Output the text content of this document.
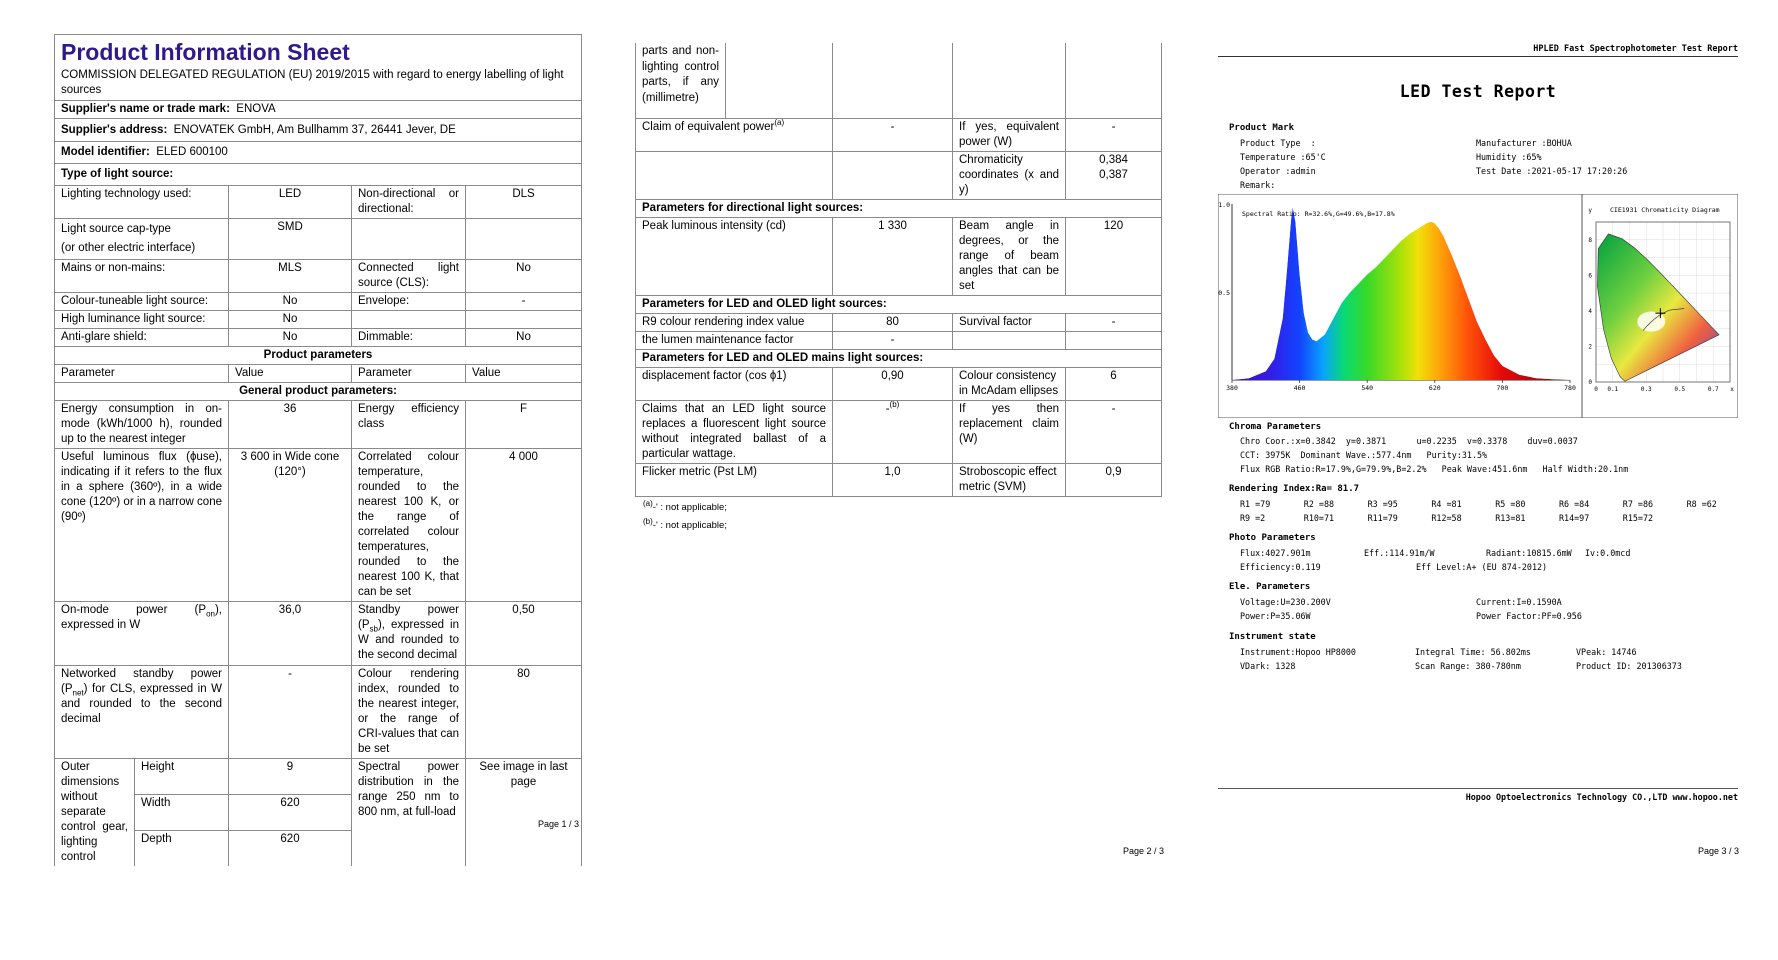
Product Information Sheet				
COMMISSION DELEGATED REGULATION (EU) 2019/2015 with regard to energy labelling of light sources				
Supplier's name or trade mark: ENOVA				
Supplier's address: ENOVATEK GmbH, Am Bullhamm 37, 26441 Jever, DE				
Model identifier: ELED 600100				
Type of light source:				
Lighting technology used:		LED	Non-directional or directional:	DLS
Light source cap-type
(or other electric interface)		SMD		
Mains or non-mains:		MLS	Connected light source (CLS):	No
Colour-tuneable light source:		No	Envelope:	-
High luminance light source:		No		
Anti-glare shield:		No	Dimmable:	No
Product parameters				
Parameter		Value	Parameter	Value
General product parameters:				
Energy consumption in on-mode (kWh/1000 h), rounded up to the nearest integer		36	Energy efficiency class	F
Useful luminous flux (ϕuse), indicating if it refers to the flux in a sphere (360º), in a wide cone (120º) or in a narrow cone (90º)		3 600 in Wide cone (120°)	Correlated colour temperature, rounded to the nearest 100 K, or the range of correlated colour temperatures, rounded to the nearest 100 K, that can be set	4 000
On-mode power $(P_{on})$, expressed in W		36,0	Standby power $(P_{sb})$, expressed in W and rounded to the second decimal	0,50
Networked standby power $(P_{net})$ for CLS, expressed in W and rounded to the second decimal		-	Colour rendering index, rounded to the nearest integer, or the range of CRI-values that can be set	80
Outer dimensions without separate control gear, lighting control	Height	9	Spectral power distribution in the range 250 nm to 800 nm, at full-load	See image in last page
	Width	620		
	Depth	620		
Page 1 / 3
parts and non-lighting control parts, if any (millimetre)				
Claim of equivalent power$^{(a)}$		-	If yes, equivalent power (W)	-
			Chromaticity coordinates (x and y)	0,384
0,387
Parameters for directional light sources:				
Peak luminous intensity (cd)		1 330	Beam angle in degrees, or the range of beam angles that can be set	120
Parameters for LED and OLED light sources:				
R9 colour rendering index value		80	Survival factor	-
the lumen maintenance factor		-		
Parameters for LED and OLED mains light sources:				
displacement factor (cos ϕ1)		0,90	Colour consistency in McAdam ellipses	6
Claims that an LED light source replaces a fluorescent light source without integrated ballast of a particular wattage.		-$^{(b)}$	If yes then replacement claim (W)	-
Flicker metric (Pst LM)		1,0	Stroboscopic effect metric (SVM)	0,9
$^{(a)}$-' : not applicable;
$^{(b)}$-' : not applicable;
Page 2 / 3
HPLED Fast Spectrophotometer Test Report
LED Test Report
Product Mark
Product Type  :
Temperature :65'C
Operator :admin
Remark:
Manufacturer :BOHUA
Humidity :65%
Test Date :2021-05-17 17:20:26
380	460	540	620	700	780
1.0
0.5
Spectral Ratio: R=32.6%,G=49.6%,B=17.8%
0 0.1	0.3	0.5	0.7 x
y
8
6
4
2
0
CIE1931 Chromaticity Diagram
Chroma Parameters
Chro Coor.:x=0.3842  y=0.3871      u=0.2235  v=0.3378    duv=0.0037
CCT: 3975K  Dominant Wave.:577.4nm   Purity:31.5%
Flux RGB Ratio:R=17.9%,G=79.9%,B=2.2%   Peak Wave:451.6nm   Half Width:20.1nm
Rendering Index:Ra= 81.7
R1 =79	R2 =88	R3 =95	R4 =81	R5 =80	R6 =84	R7 =86	R8 =62
R9 =2	R10=71	R11=79	R12=58	R13=81	R14=97	R15=72
Photo Parameters
Flux:4027.901m	Eff.:114.91m/W	Radiant:10815.6mW Iv:0.0mcd
Efficiency:0.119	Eff Level:A+ (EU 874-2012)
Ele. Parameters
Voltage:U=230.200V	Current:I=0.1590A
Power:P=35.06W	Power Factor:PF=0.956
Instrument state
Instrument:Hopoo HP8000	Integral Time: 56.802ms	VPeak: 14746
VDark: 1328	Scan Range: 380-780nm	Product ID: 201306373
Hopoo Optoelectronics Technology CO.,LTD www.hopoo.net
Page 3 / 3
